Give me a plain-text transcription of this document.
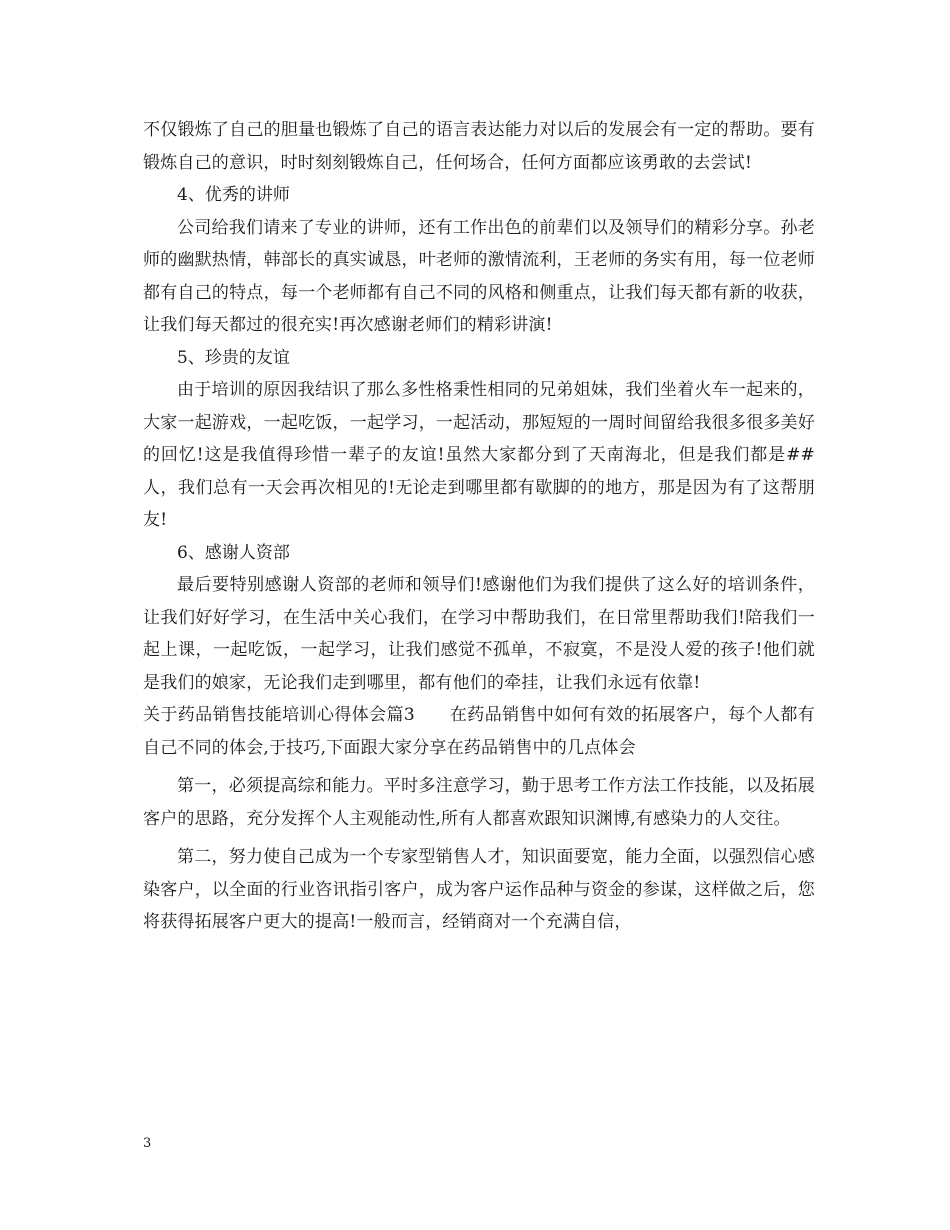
不仅锻炼了自己的胆量也锻炼了自己的语言表达能力对以后的发展会有一定的帮助。要有锻炼自己的意识，时时刻刻锻炼自己，任何场合，任何方面都应该勇敢的去尝试!

4、优秀的讲师

公司给我们请来了专业的讲师，还有工作出色的前辈们以及领导们的精彩分享。孙老师的幽默热情，韩部长的真实诚恳，叶老师的激情流利，王老师的务实有用，每一位老师都有自己的特点，每一个老师都有自己不同的风格和侧重点，让我们每天都有新的收获，让我们每天都过的很充实!再次感谢老师们的精彩讲演!

5、珍贵的友谊

由于培训的原因我结识了那么多性格秉性相同的兄弟姐妹，我们坐着火车一起来的，大家一起游戏，一起吃饭，一起学习，一起活动，那短短的一周时间留给我很多很多美好的回忆!这是我值得珍惜一辈子的友谊!虽然大家都分到了天南海北，但是我们都是##人，我们总有一天会再次相见的!无论走到哪里都有歇脚的的地方，那是因为有了这帮朋友!

6、感谢人资部

最后要特别感谢人资部的老师和领导们!感谢他们为我们提供了这么好的培训条件，让我们好好学习，在生活中关心我们，在学习中帮助我们，在日常里帮助我们!陪我们一起上课，一起吃饭，一起学习，让我们感觉不孤单，不寂寞，不是没人爱的孩子!他们就是我们的娘家，无论我们走到哪里，都有他们的牵挂，让我们永远有依靠!

关于药品销售技能培训心得体会篇3　　在药品销售中如何有效的拓展客户，每个人都有自己不同的体会,于技巧,下面跟大家分享在药品销售中的几点体会

第一，必须提高综和能力。平时多注意学习，勤于思考工作方法工作技能，以及拓展客户的思路，充分发挥个人主观能动性,所有人都喜欢跟知识渊博,有感染力的人交往。

第二，努力使自己成为一个专家型销售人才，知识面要宽，能力全面，以强烈信心感染客户，以全面的行业咨讯指引客户，成为客户运作品种与资金的参谋，这样做之后，您将获得拓展客户更大的提高!一般而言，经销商对一个充满自信，

3
